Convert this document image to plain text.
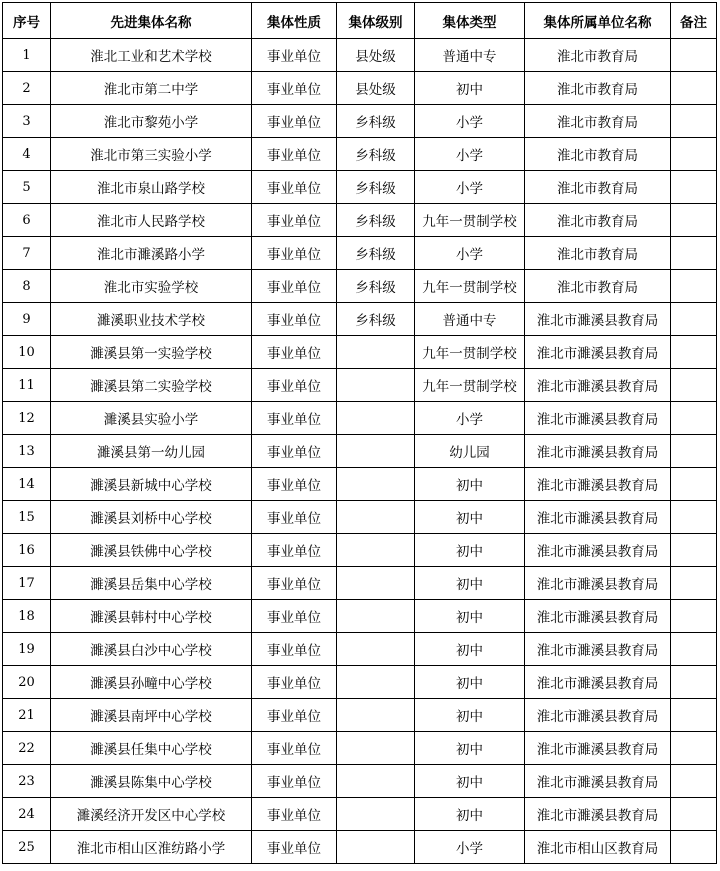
序号	先进集体名称	集体性质	集体级别	集体类型	集体所属单位名称	备注
1	淮北工业和艺术学校	事业单位	县处级	普通中专	淮北市教育局	
2	淮北市第二中学	事业单位	县处级	初中	淮北市教育局	
3	淮北市黎苑小学	事业单位	乡科级	小学	淮北市教育局	
4	淮北市第三实验小学	事业单位	乡科级	小学	淮北市教育局	
5	淮北市泉山路学校	事业单位	乡科级	小学	淮北市教育局	
6	淮北市人民路学校	事业单位	乡科级	九年一贯制学校	淮北市教育局	
7	淮北市濉溪路小学	事业单位	乡科级	小学	淮北市教育局	
8	淮北市实验学校	事业单位	乡科级	九年一贯制学校	淮北市教育局	
9	濉溪职业技术学校	事业单位	乡科级	普通中专	淮北市濉溪县教育局	
10	濉溪县第一实验学校	事业单位		九年一贯制学校	淮北市濉溪县教育局	
11	濉溪县第二实验学校	事业单位		九年一贯制学校	淮北市濉溪县教育局	
12	濉溪县实验小学	事业单位		小学	淮北市濉溪县教育局	
13	濉溪县第一幼儿园	事业单位		幼儿园	淮北市濉溪县教育局	
14	濉溪县新城中心学校	事业单位		初中	淮北市濉溪县教育局	
15	濉溪县刘桥中心学校	事业单位		初中	淮北市濉溪县教育局	
16	濉溪县铁佛中心学校	事业单位		初中	淮北市濉溪县教育局	
17	濉溪县岳集中心学校	事业单位		初中	淮北市濉溪县教育局	
18	濉溪县韩村中心学校	事业单位		初中	淮北市濉溪县教育局	
19	濉溪县白沙中心学校	事业单位		初中	淮北市濉溪县教育局	
20	濉溪县孙疃中心学校	事业单位		初中	淮北市濉溪县教育局	
21	濉溪县南坪中心学校	事业单位		初中	淮北市濉溪县教育局	
22	濉溪县任集中心学校	事业单位		初中	淮北市濉溪县教育局	
23	濉溪县陈集中心学校	事业单位		初中	淮北市濉溪县教育局	
24	濉溪经济开发区中心学校	事业单位		初中	淮北市濉溪县教育局	
25	淮北市相山区淮纺路小学	事业单位		小学	淮北市相山区教育局	
